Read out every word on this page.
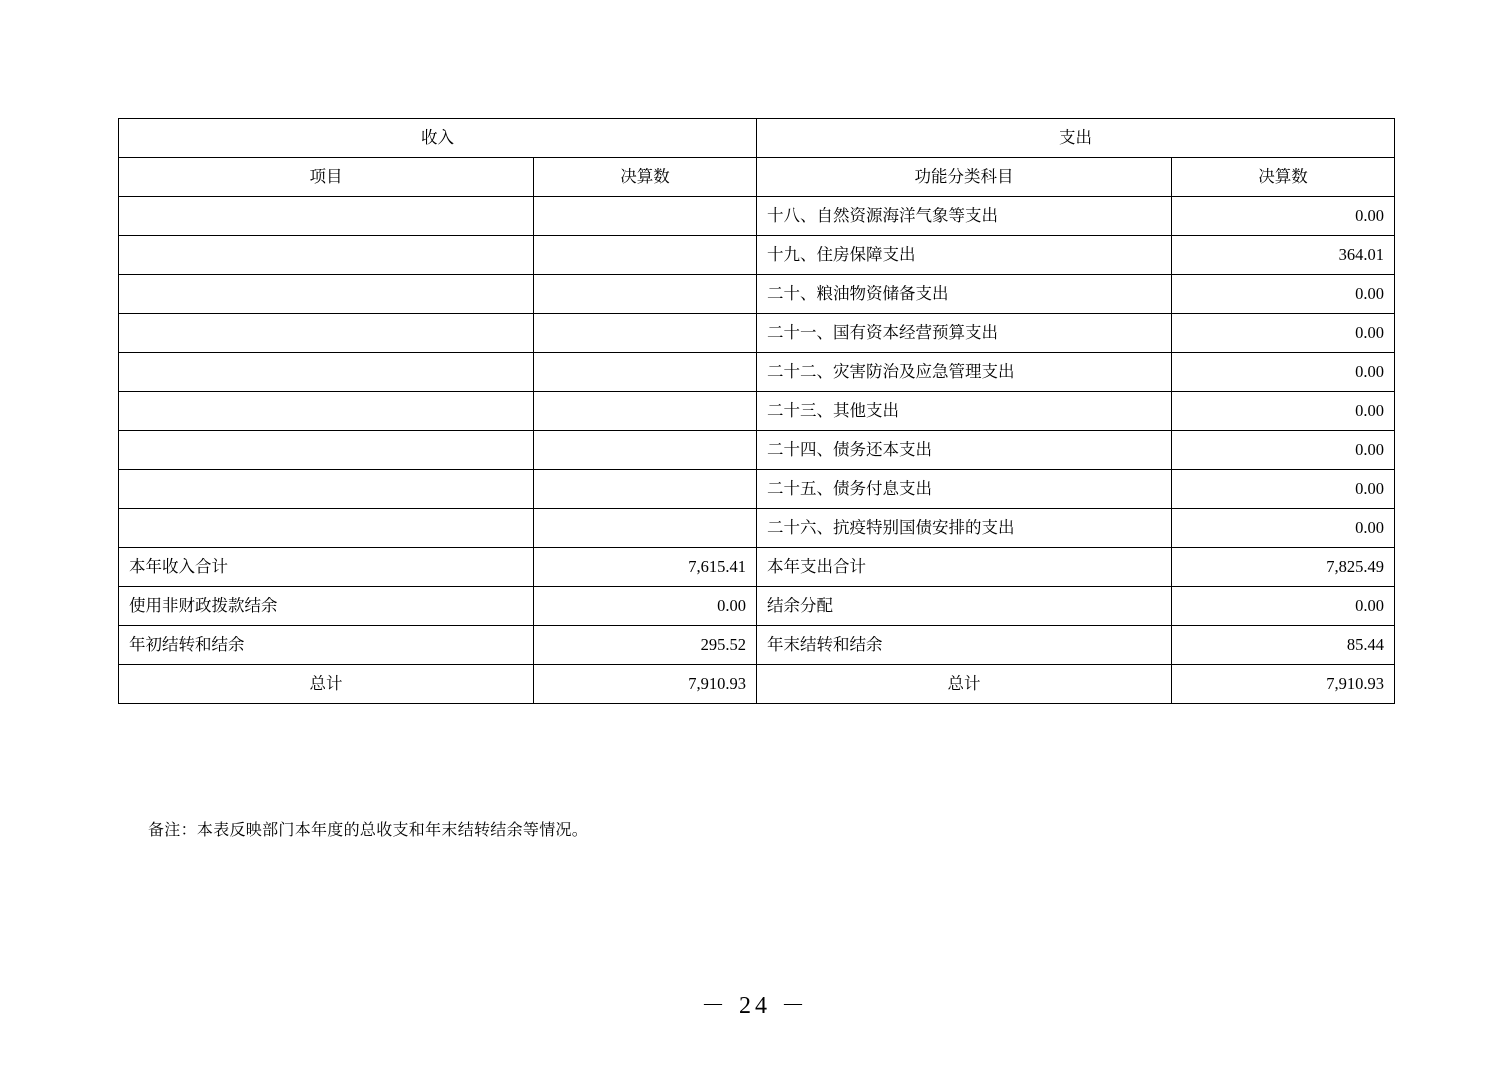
收入		支出	
项目	决算数	功能分类科目	决算数
		十八、自然资源海洋气象等支出	0.00
		十九、住房保障支出	364.01
		二十、粮油物资储备支出	0.00
		二十一、国有资本经营预算支出	0.00
		二十二、灾害防治及应急管理支出	0.00
		二十三、其他支出	0.00
		二十四、债务还本支出	0.00
		二十五、债务付息支出	0.00
		二十六、抗疫特别国债安排的支出	0.00
本年收入合计	7,615.41	本年支出合计	7,825.49
使用非财政拨款结余	0.00	结余分配	0.00
年初结转和结余	295.52	年末结转和结余	85.44
总计	7,910.93	总计	7,910.93
备注：本表反映部门本年度的总收支和年末结转结余等情况。
－ 24 －
